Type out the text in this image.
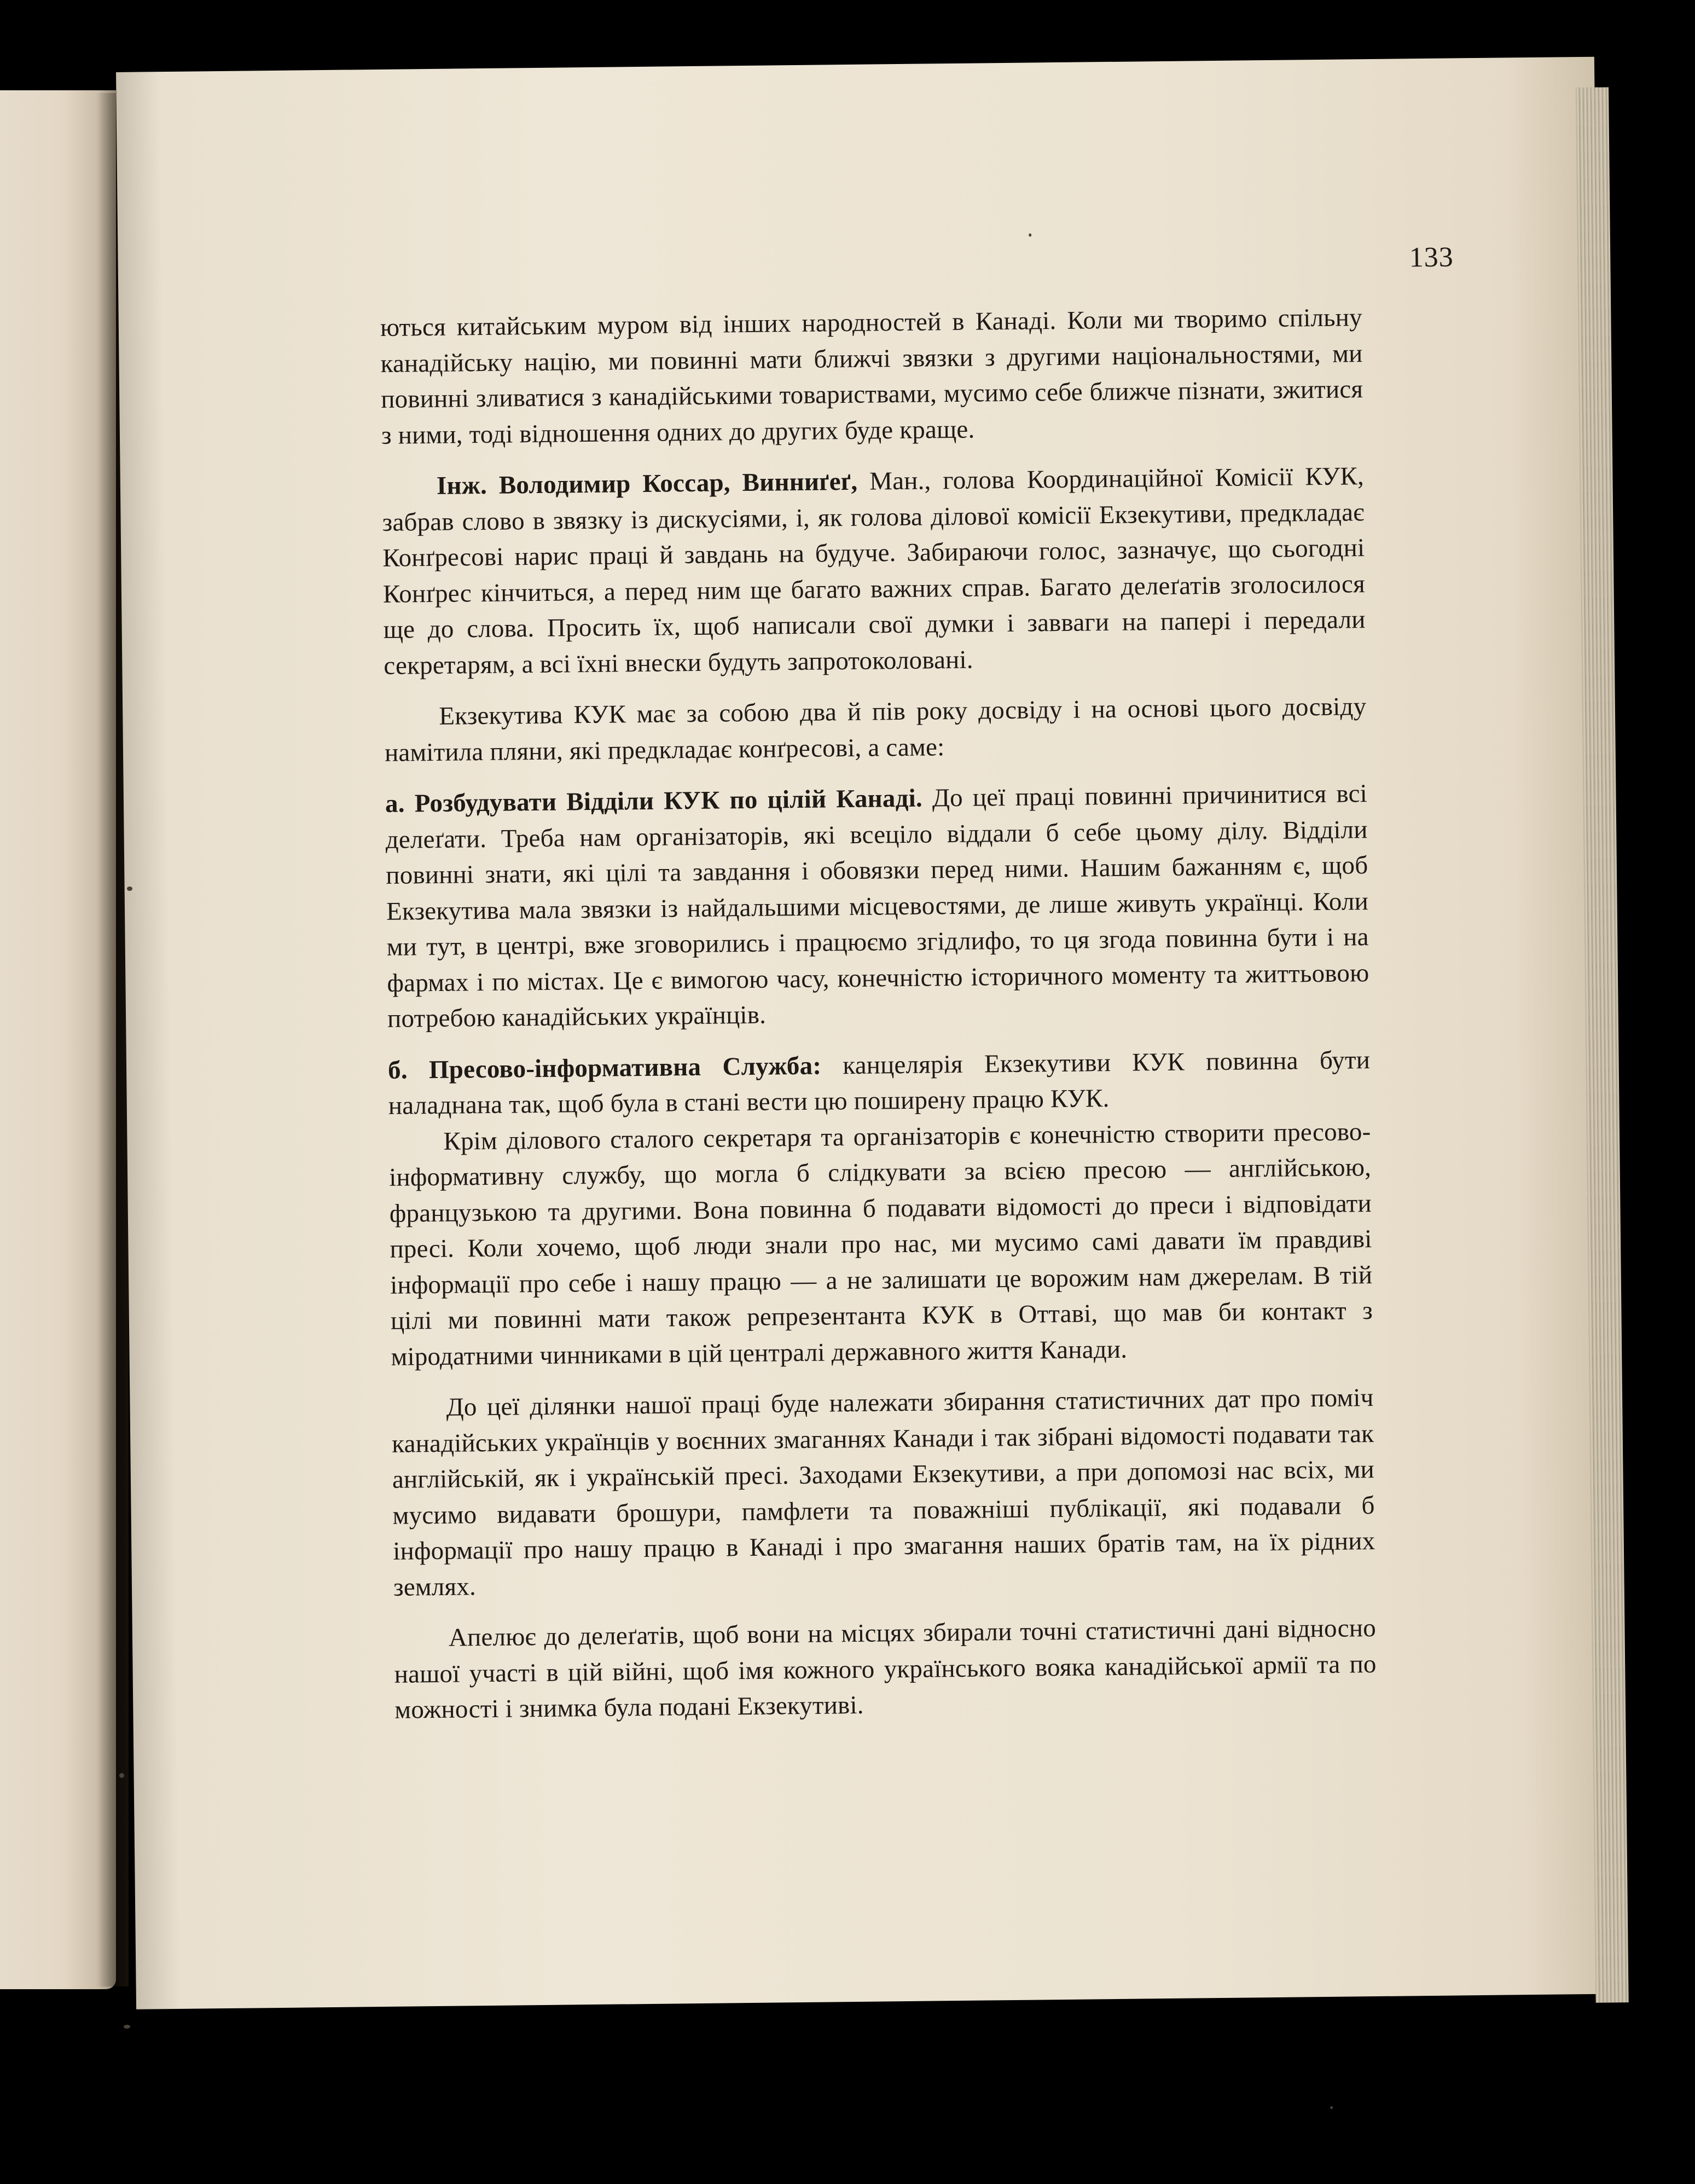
133

ються китайським муром від інших народностей в Канаді. Коли ми творимо спільну канадійську націю, ми повинні мати ближчі звязки з другими національностями, ми повинні зливатися з канадійськими товариствами, мусимо себе ближче пізнати, зжитися з ними, тоді відношення одних до других буде краще.

Інж. Володимир Коссар, Винниґеґ, Ман., голова Координаційної Комісії КУК, забрав слово в звязку із дискусіями, і, як голова ділової комісії Екзекутиви, предкладає Конґресові нарис праці й завдань на будуче. Забираючи голос, зазначує, що сьогодні Конґрес кінчиться, а перед ним ще багато важних справ. Багато делеґатів зголосилося ще до слова. Просить їх, щоб написали свої думки і завваги на папері і передали секретарям, а всі їхні внески будуть запротоколовані.

Екзекутива КУК має за собою два й пів року досвіду і на основі цього досвіду намітила пляни, які предкладає конґресові, а саме:

а. Розбудувати Відділи КУК по цілій Канаді. До цеї праці повинні причинитися всі делеґати. Треба нам організаторів, які всеціло віддали б себе цьому ділу. Відділи повинні знати, які цілі та завдання і обовязки перед ними. Нашим бажанням є, щоб Екзекутива мала звязки із найдальшими місцевостями, де лише живуть українці. Коли ми тут, в центрі, вже зговорились і працюємо згідлифо, то ця згода повинна бути і на фармах і по містах. Це є вимогою часу, конечністю історичного моменту та життьовою потребою канадійських українців.

б. Пресово-інформативна Служба: канцелярія Екзекутиви КУК повинна бути наладнана так, щоб була в стані вести цю поширену працю КУК.

Крім ділового сталого секретаря та організаторів є конечністю створити пресово-інформативну службу, що могла б слідкувати за всією пресою — англійською, французькою та другими. Вона повинна б подавати відомості до преси і відповідати пресі. Коли хочемо, щоб люди знали про нас, ми мусимо самі давати їм правдиві інформації про себе і нашу працю — а не залишати це ворожим нам джерелам. В тій цілі ми повинні мати також репрезентанта КУК в Оттаві, що мав би контакт з міродатними чинниками в цій централі державного життя Канади.

До цеї ділянки нашої праці буде належати збирання статистичних дат про поміч канадійських українців у воєнних змаганнях Канади і так зібрані відомості подавати так англійській, як і українській пресі. Заходами Екзекутиви, а при допомозі нас всіх, ми мусимо видавати брошури, памфлети та поважніші публікації, які подавали б інформації про нашу працю в Канаді і про змагання наших братів там, на їх рідних землях.

Апелює до делеґатів, щоб вони на місцях збирали точні статистичні дані відносно нашої участі в цій війні, щоб імя кожного українського вояка канадійської армії та по можності і знимка була подані Екзекутиві.
